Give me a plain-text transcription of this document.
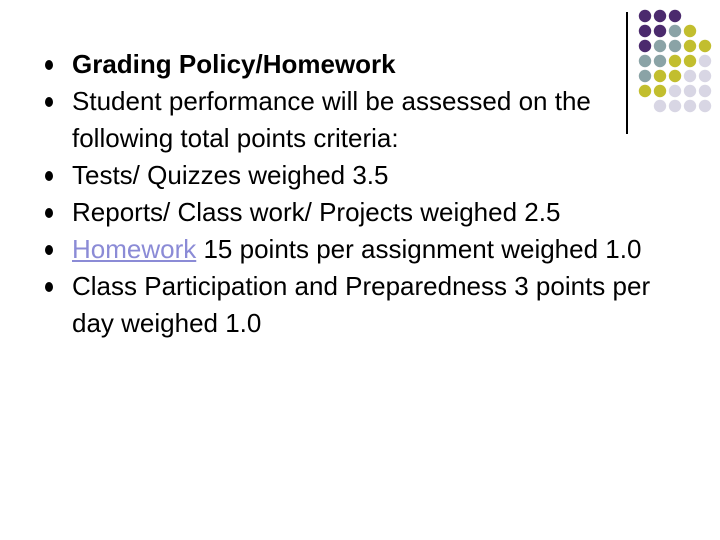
Grading Policy/Homework
Student performance will be assessed on the following total points criteria:
Tests/ Quizzes weighed 3.5
Reports/ Class work/ Projects weighed 2.5
Homework 15 points per assignment weighed 1.0
Class Participation and Preparedness 3 points per day weighed 1.0
